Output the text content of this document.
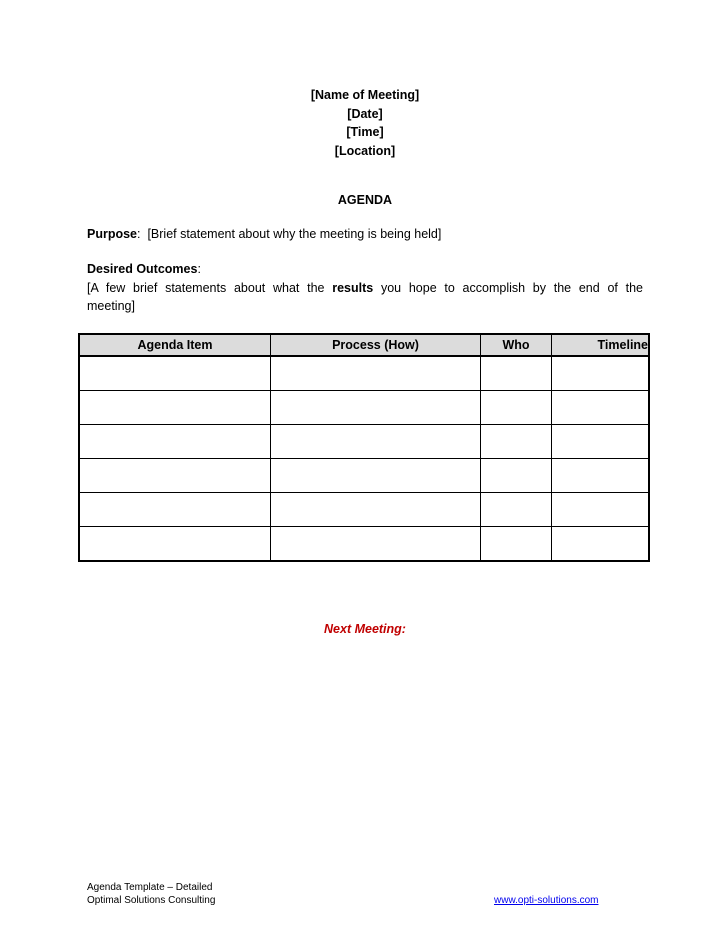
[Name of Meeting]
[Date]
[Time]
[Location]
AGENDA
Purpose:  [Brief statement about why the meeting is being held]
Desired Outcomes:
[A few brief statements about what the results you hope to accomplish by the end of the meeting]
Agenda Item	Process (How)	Who	Timeline

Next Meeting:
Agenda Template – Detailed
Optimal Solutions Consulting	www.opti-solutions.com
